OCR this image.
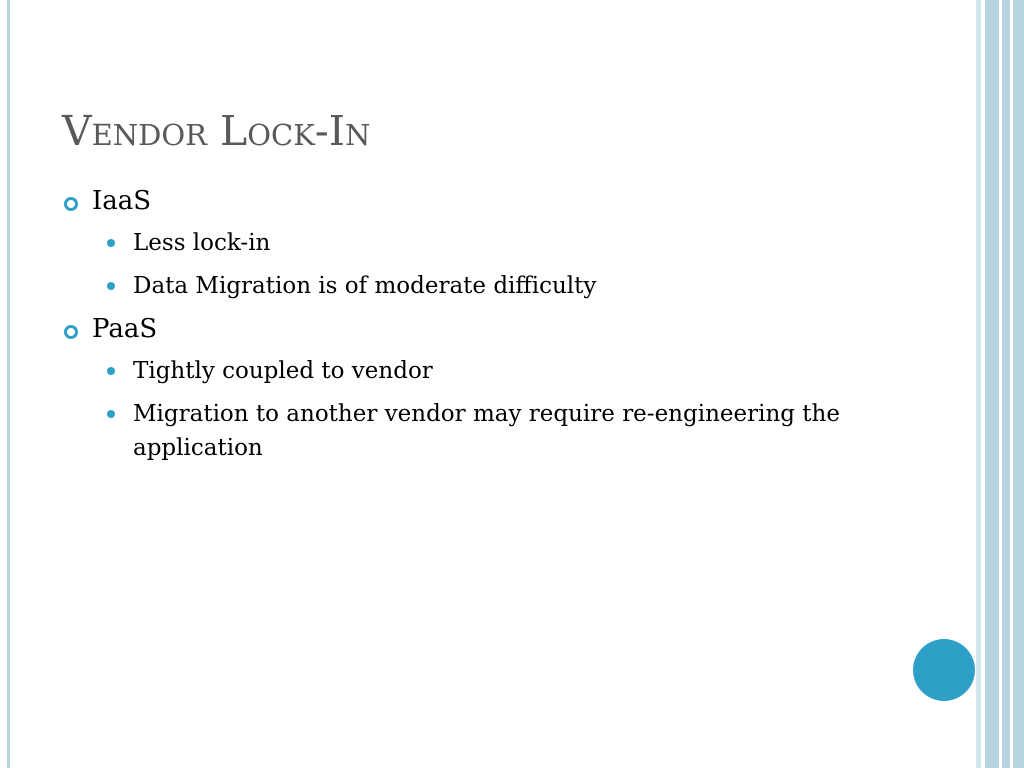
Vendor Lock-In
IaaS
Less lock-in
Data Migration is of moderate difficulty
PaaS
Tightly coupled to vendor
Migration to another vendor may require re-engineering the application
